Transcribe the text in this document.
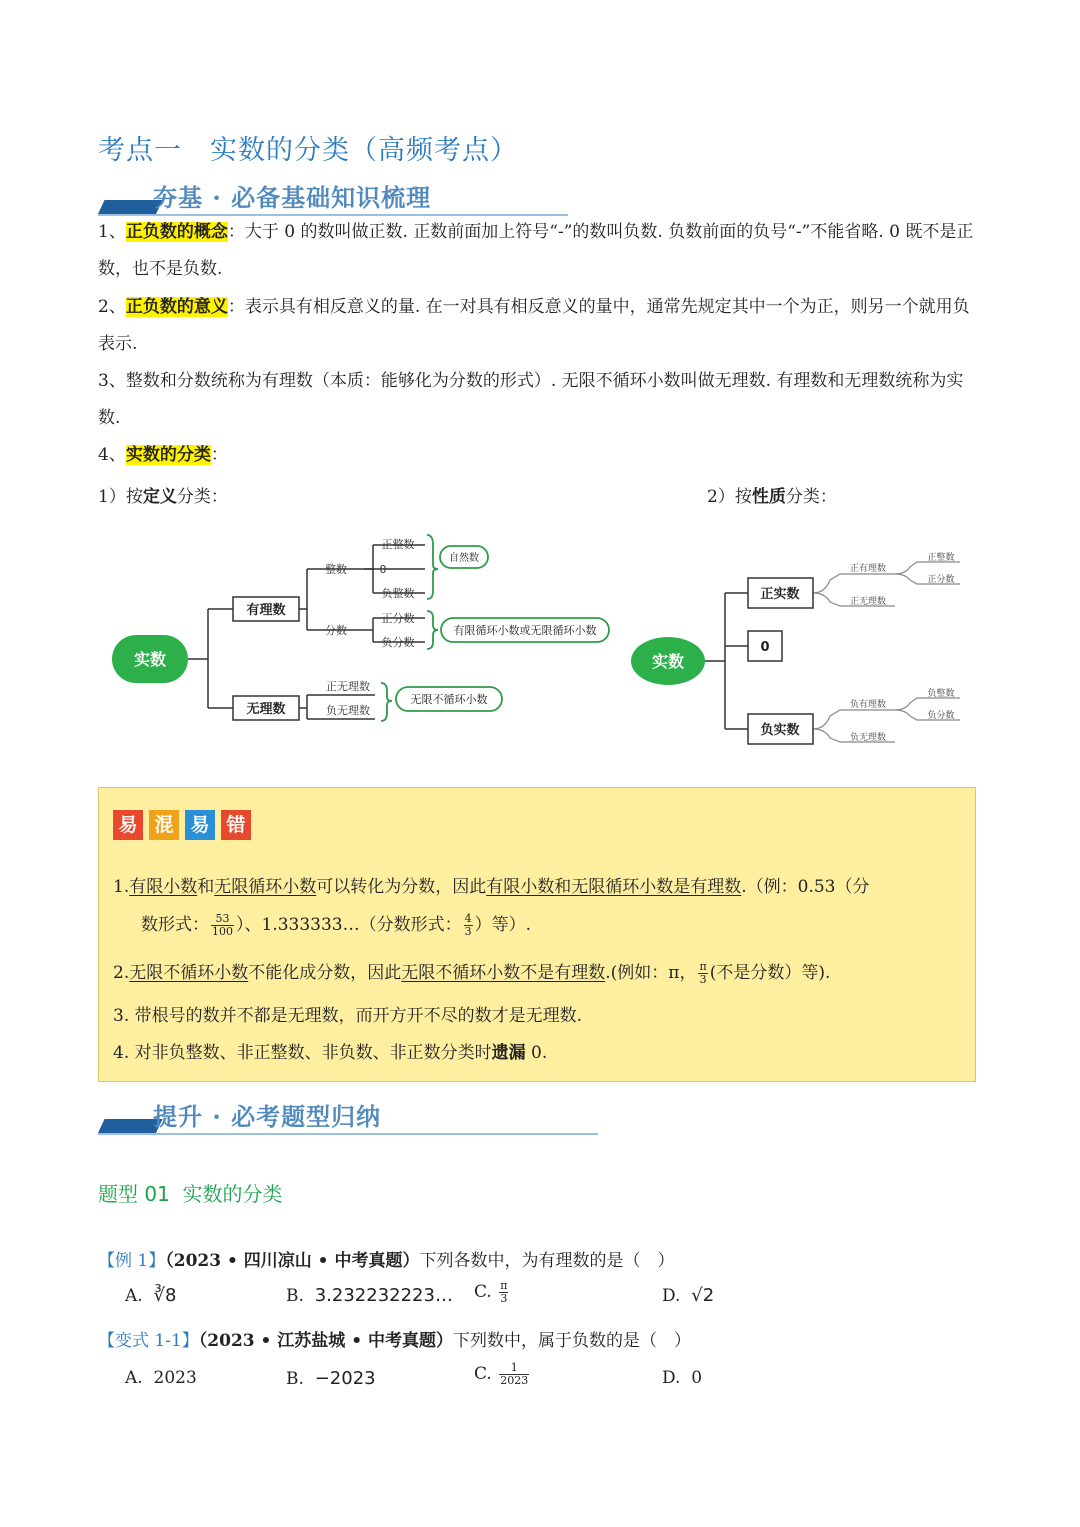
考点一　实数的分类（高频考点）
夯基 · 必备基础知识梳理
1、正负数的概念：大于 0 的数叫做正数. 正数前面加上符号“-”的数叫负数. 负数前面的负号“-”不能省略. 0 既不是正数，也不是负数.
2、正负数的意义：表示具有相反意义的量. 在一对具有相反意义的量中，通常先规定其中一个为正，则另一个就用负表示.
3、整数和分数统称为有理数（本质：能够化为分数的形式）. 无限不循环小数叫做无理数. 有理数和无理数统称为实数.
4、实数的分类：
1）按定义分类：	2）按性质分类：
实数
有理数
无理数
整数
分数
正整数
0
负整数
正分数
负分数
正无理数
负无理数
自然数
有限循环小数或无限循环小数
无限不循环小数
实数
正实数
0
负实数
正有理数
正无理数
正整数
正分数
负有理数
负无理数
负整数
负分数
易 混 易 错
1.有限小数和无限循环小数可以转化为分数，因此有限小数和无限循环小数是有理数.（例：0.53（分
数形式： $\frac{53}{100}$ ）、1.333333…（分数形式： $\frac{4}{3}$ ）等）.
2.无限不循环小数不能化成分数，因此无限不循环小数不是有理数.(例如：π， $\frac{\pi}{3}$ (不是分数）等).
3. 带根号的数并不都是无理数，而开方开不尽的数才是无理数.
4. 对非负整数、非正整数、非负数、非正数分类时遗漏 0.
提升 · 必考题型归纳
题型 01  实数的分类
【例 1】（2023 • 四川凉山 • 中考真题）下列各数中，为有理数的是（　）
A. ∛8	B. 3.232232223… C. $\frac{\pi}{3}$	D. √2
【变式 1-1】（2023 • 江苏盐城 • 中考真题）下列数中，属于负数的是（　）
A. 2023	B. −2023	C. $\frac{1}{2023}$	D. 0
